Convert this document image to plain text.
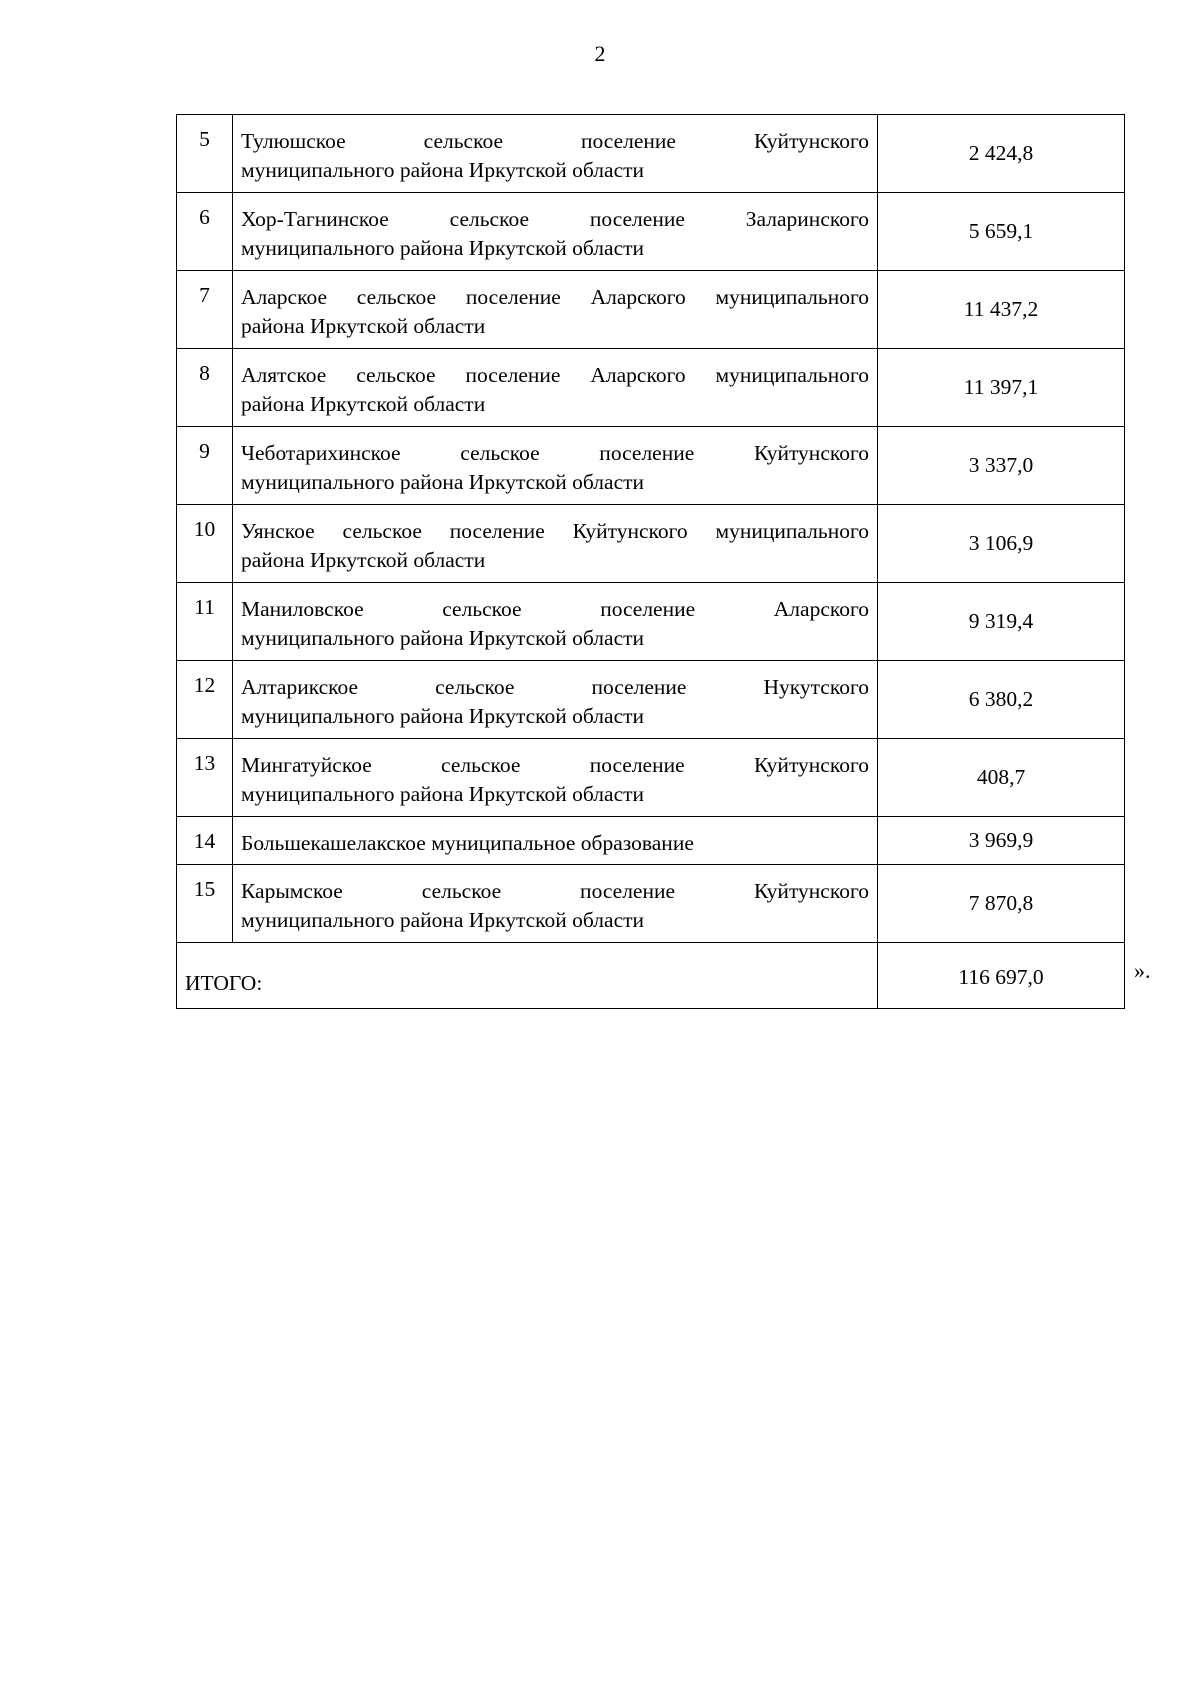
2
5	Тулюшское сельское поселение Куйтунского
муниципального района Иркутской области	2 424,8
6	Хор-Тагнинское сельское поселение Заларинского
муниципального района Иркутской области	5 659,1
7	Аларское сельское поселение Аларского муниципального
района Иркутской области	11 437,2
8	Алятское сельское поселение Аларского муниципального
района Иркутской области	11 397,1
9	Чеботарихинское сельское поселение Куйтунского
муниципального района Иркутской области	3 337,0
10	Уянское сельское поселение Куйтунского муниципального
района Иркутской области	3 106,9
11	Маниловское сельское поселение Аларского
муниципального района Иркутской области	9 319,4
12	Алтарикское сельское поселение Нукутского
муниципального района Иркутской области	6 380,2
13	Мингатуйское сельское поселение Куйтунского
муниципального района Иркутской области	408,7
14	Большекашелакское муниципальное образование	3 969,9
15	Карымское сельское поселение Куйтунского
муниципального района Иркутской области	7 870,8
ИТОГО:		116 697,0	».
